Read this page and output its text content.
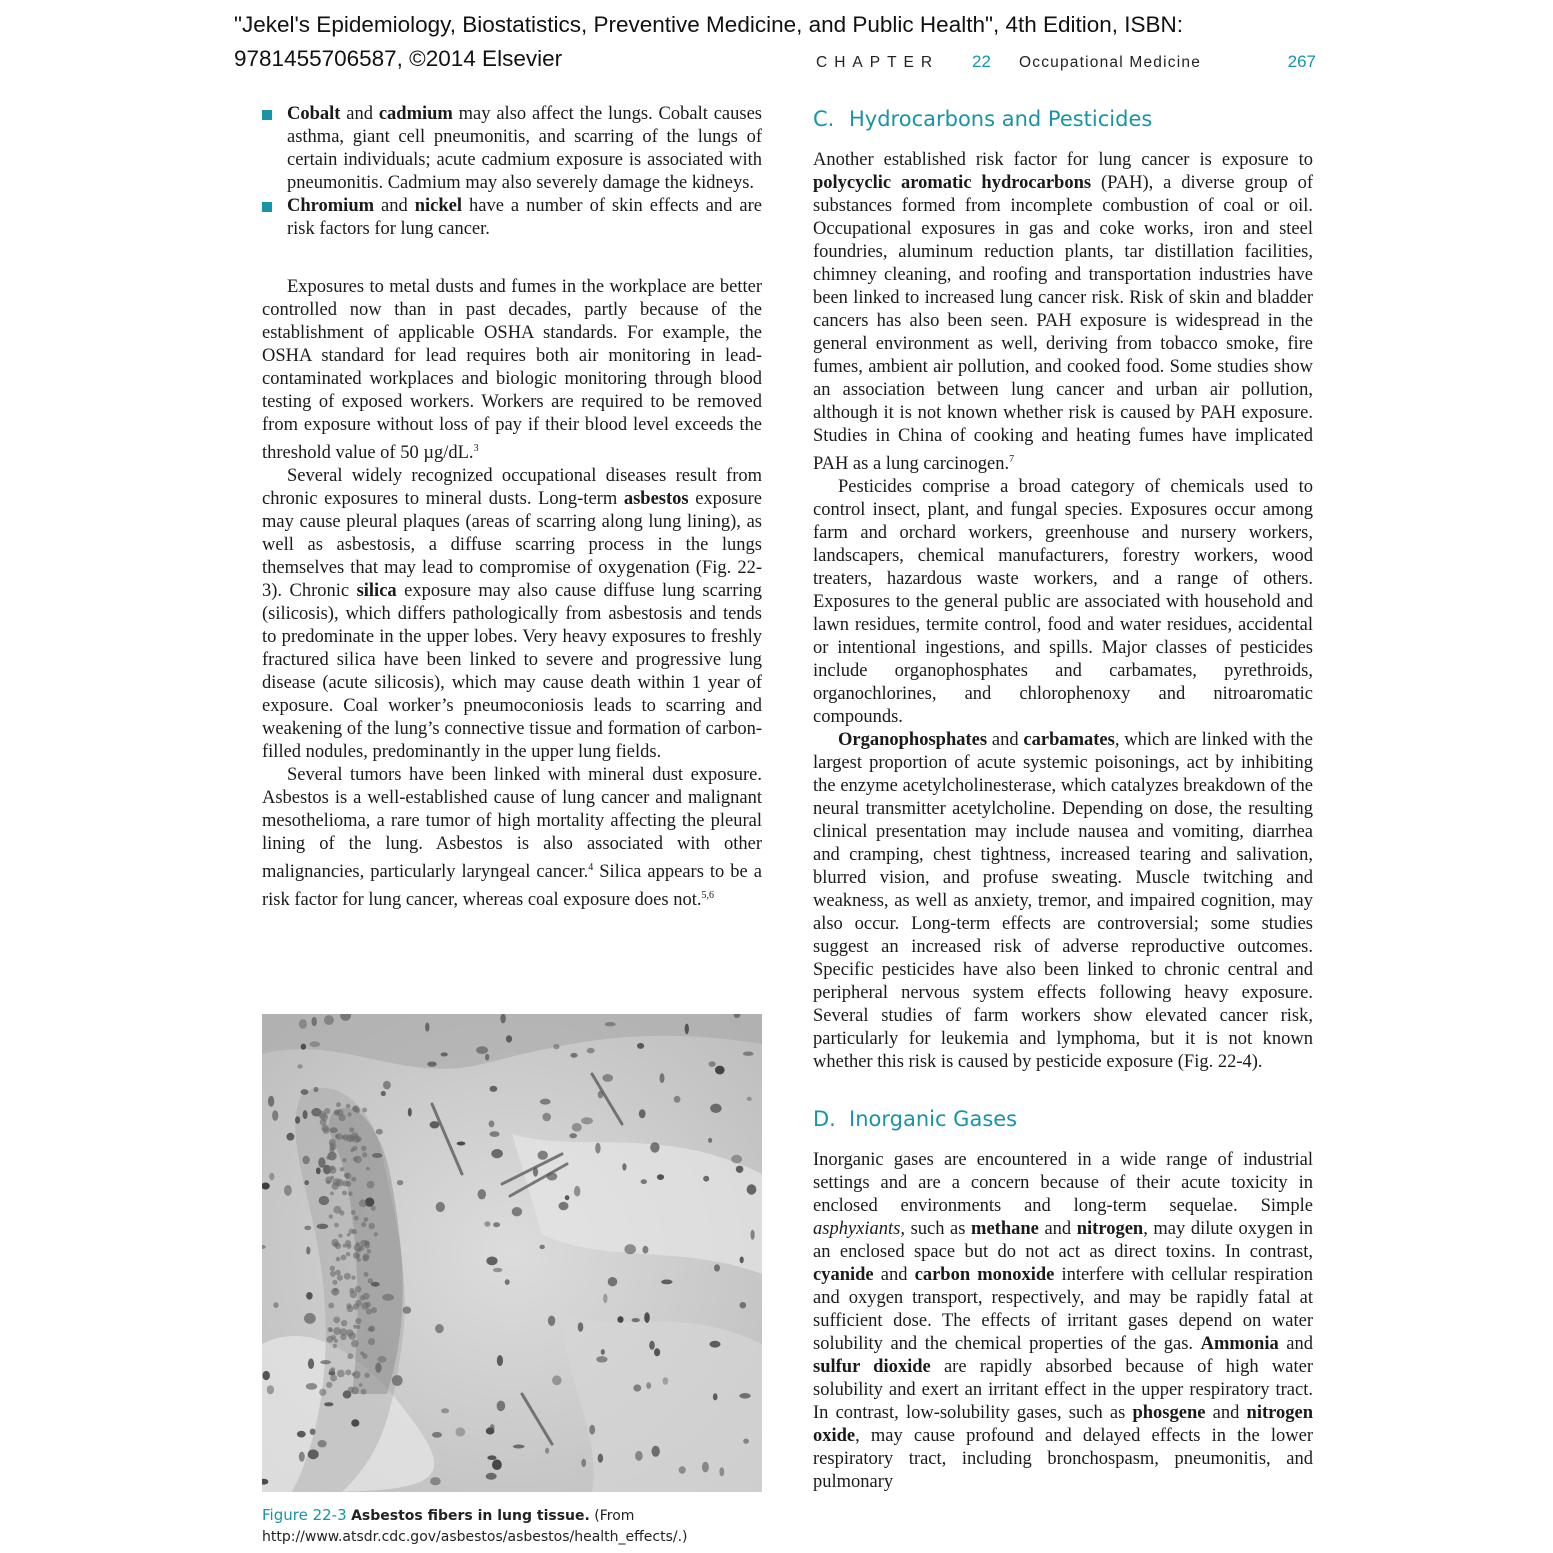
"Jekel's Epidemiology, Biostatistics, Preventive Medicine, and Public Health", 4th Edition, ISBN:
9781455706587, ©2014 Elsevier	CHAPTER 22 Occupational Medicine	267
Cobalt and cadmium may also affect the lungs. Cobalt causes asthma, giant cell pneumonitis, and scarring of the lungs of certain individuals; acute cadmium exposure is associated with pneumonitis. Cadmium may also severely damage the kidneys.
Chromium and nickel have a number of skin effects and are risk factors for lung cancer.

Exposures to metal dusts and fumes in the workplace are better controlled now than in past decades, partly because of the establishment of applicable OSHA standards. For example, the OSHA standard for lead requires both air monitoring in lead-contaminated workplaces and biologic monitoring through blood testing of exposed workers. Workers are required to be removed from exposure without loss of pay if their blood level exceeds the threshold value of 50 µg/dL.$^3$

Several widely recognized occupational diseases result from chronic exposures to mineral dusts. Long-term asbestos exposure may cause pleural plaques (areas of scarring along lung lining), as well as asbestosis, a diffuse scarring process in the lungs themselves that may lead to compromise of oxygenation (Fig. 22-3). Chronic silica exposure may also cause diffuse lung scarring (silicosis), which differs pathologically from asbestosis and tends to predominate in the upper lobes. Very heavy exposures to freshly fractured silica have been linked to severe and progressive lung disease (acute silicosis), which may cause death within 1 year of exposure. Coal worker’s pneumoconiosis leads to scarring and weakening of the lung’s connective tissue and formation of carbon-filled nodules, predominantly in the upper lung fields.

Several tumors have been linked with mineral dust exposure. Asbestos is a well-established cause of lung cancer and malignant mesothelioma, a rare tumor of high mortality affecting the pleural lining of the lung. Asbestos is also associated with other malignancies, particularly laryngeal cancer.$^4$ Silica appears to be a risk factor for lung cancer, whereas coal exposure does not.$^{5,6}$

Figure 22-3 Asbestos fibers in lung tissue. (From http://www.atsdr.cdc.gov/asbestos/asbestos/health_effects/.)
C. Hydrocarbons and Pesticides

Another established risk factor for lung cancer is exposure to polycyclic aromatic hydrocarbons (PAH), a diverse group of substances formed from incomplete combustion of coal or oil. Occupational exposures in gas and coke works, iron and steel foundries, aluminum reduction plants, tar distillation facilities, chimney cleaning, and roofing and transportation industries have been linked to increased lung cancer risk. Risk of skin and bladder cancers has also been seen. PAH exposure is widespread in the general environment as well, deriving from tobacco smoke, fire fumes, ambient air pollution, and cooked food. Some studies show an association between lung cancer and urban air pollution, although it is not known whether risk is caused by PAH exposure. Studies in China of cooking and heating fumes have implicated PAH as a lung carcinogen.$^7$

Pesticides comprise a broad category of chemicals used to control insect, plant, and fungal species. Exposures occur among farm and orchard workers, greenhouse and nursery workers, landscapers, chemical manufacturers, forestry workers, wood treaters, hazardous waste workers, and a range of others. Exposures to the general public are associated with household and lawn residues, termite control, food and water residues, accidental or intentional ingestions, and spills. Major classes of pesticides include organophosphates and carbamates, pyrethroids, organochlorines, and chlorophenoxy and nitroaromatic compounds.

Organophosphates and carbamates, which are linked with the largest proportion of acute systemic poisonings, act by inhibiting the enzyme acetylcholinesterase, which catalyzes breakdown of the neural transmitter acetylcholine. Depending on dose, the resulting clinical presentation may include nausea and vomiting, diarrhea and cramping, chest tightness, increased tearing and salivation, blurred vision, and profuse sweating. Muscle twitching and weakness, as well as anxiety, tremor, and impaired cognition, may also occur. Long-term effects are controversial; some studies suggest an increased risk of adverse reproductive outcomes. Specific pesticides have also been linked to chronic central and peripheral nervous system effects following heavy exposure. Several studies of farm workers show elevated cancer risk, particularly for leukemia and lymphoma, but it is not known whether this risk is caused by pesticide exposure (Fig. 22-4).

D. Inorganic Gases

Inorganic gases are encountered in a wide range of industrial settings and are a concern because of their acute toxicity in enclosed environments and long-term sequelae. Simple asphyxiants, such as methane and nitrogen, may dilute oxygen in an enclosed space but do not act as direct toxins. In contrast, cyanide and carbon monoxide interfere with cellular respiration and oxygen transport, respectively, and may be rapidly fatal at sufficient dose. The effects of irritant gases depend on water solubility and the chemical properties of the gas. Ammonia and sulfur dioxide are rapidly absorbed because of high water solubility and exert an irritant effect in the upper respiratory tract. In contrast, low-solubility gases, such as phosgene and nitrogen oxide, may cause profound and delayed effects in the lower respiratory tract, including bronchospasm, pneumonitis, and pulmonary
